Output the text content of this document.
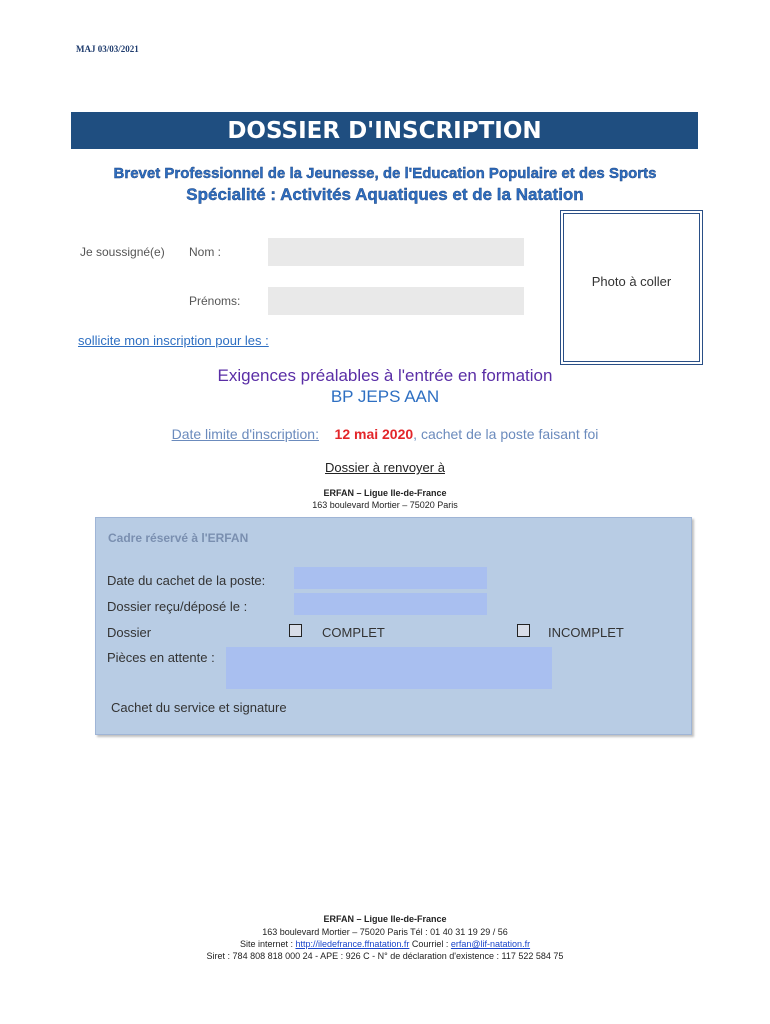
MAJ 03/03/2021
DOSSIER D'INSCRIPTION
Brevet Professionnel de la Jeunesse, de l'Education Populaire et des Sports
Spécialité : Activités Aquatiques et de la Natation
Je soussigné(e) Nom :
Prénoms:
Photo à coller
sollicite mon inscription pour les :
Exigences préalables à l'entrée en formation
BP JEPS AAN
Date limite d'inscription: 12 mai 2020, cachet de la poste faisant foi
Dossier à renvoyer à
ERFAN – Ligue Ile-de-France
163 boulevard Mortier – 75020 Paris
Cadre réservé à l'ERFAN
Date du cachet de la poste:
Dossier reçu/déposé le :
Dossier	COMPLET	INCOMPLET
Pièces en attente :
Cachet du service et signature
ERFAN – Ligue Ile-de-France
163 boulevard Mortier – 75020 Paris Tél : 01 40 31 19 29 / 56
Site internet : http://iledefrance.ffnatation.fr Courriel : erfan@lif-natation.fr
Siret : 784 808 818 000 24 - APE : 926 C - N° de déclaration d'existence : 117 522 584 75
